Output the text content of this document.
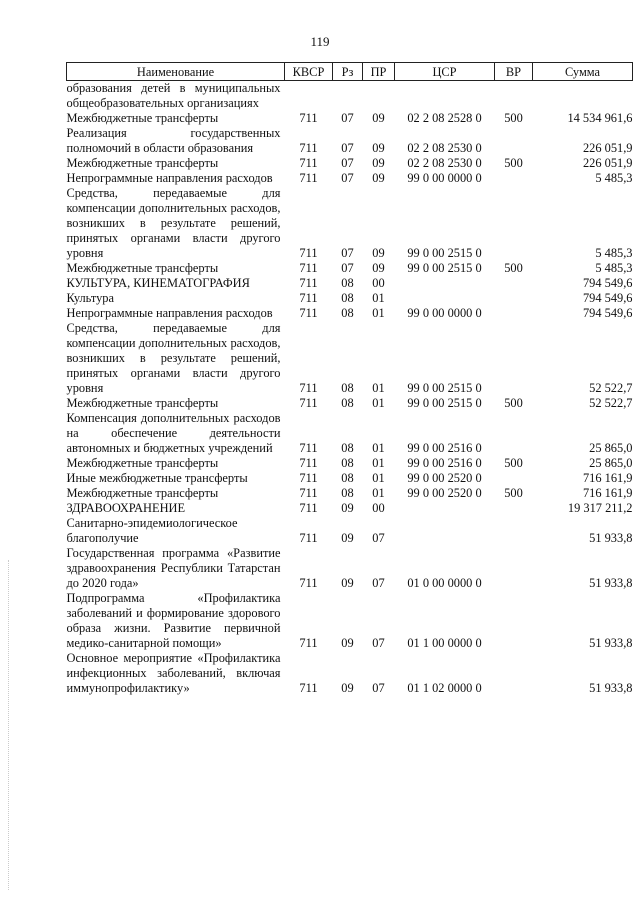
119
Наименование	КВСР	Рз	ПР	ЦСР	ВР	Сумма
образования детей в муниципальных общеобразовательных организациях						
Межбюджетные трансферты	711	07	09	02 2 08 2528 0	500	14 534 961,6
Реализация государственных полномочий в области образования	711	07	09	02 2 08 2530 0		226 051,9
Межбюджетные трансферты	711	07	09	02 2 08 2530 0	500	226 051,9
Непрограммные направления расходов	711	07	09	99 0 00 0000 0		5 485,3
Средства, передаваемые для компенсации дополнительных расходов, возникших в результате решений, принятых органами власти другого уровня	711	07	09	99 0 00 2515 0		5 485,3
Межбюджетные трансферты	711	07	09	99 0 00 2515 0	500	5 485,3
КУЛЬТУРА, КИНЕМАТОГРАФИЯ	711	08	00			794 549,6
Культура	711	08	01			794 549,6
Непрограммные направления расходов	711	08	01	99 0 00 0000 0		794 549,6
Средства, передаваемые для компенсации дополнительных расходов, возникших в результате решений, принятых органами власти другого уровня	711	08	01	99 0 00 2515 0		52 522,7
Межбюджетные трансферты	711	08	01	99 0 00 2515 0	500	52 522,7
Компенсация дополнительных расходов на обеспечение деятельности автономных и бюджетных учреждений	711	08	01	99 0 00 2516 0		25 865,0
Межбюджетные трансферты	711	08	01	99 0 00 2516 0	500	25 865,0
Иные межбюджетные трансферты	711	08	01	99 0 00 2520 0		716 161,9
Межбюджетные трансферты	711	08	01	99 0 00 2520 0	500	716 161,9
ЗДРАВООХРАНЕНИЕ	711	09	00			19 317 211,2
Санитарно-эпидемиологическое благополучие	711	09	07			51 933,8
Государственная программа «Развитие здравоохранения Республики Татарстан до 2020 года»	711	09	07	01 0 00 0000 0		51 933,8
Подпрограмма «Профилактика заболеваний и формирование здорового образа жизни. Развитие первичной медико-санитарной помощи»	711	09	07	01 1 00 0000 0		51 933,8
Основное мероприятие «Профилактика инфекционных заболеваний, включая иммунопрофилактику»	711	09	07	01 1 02 0000 0		51 933,8
